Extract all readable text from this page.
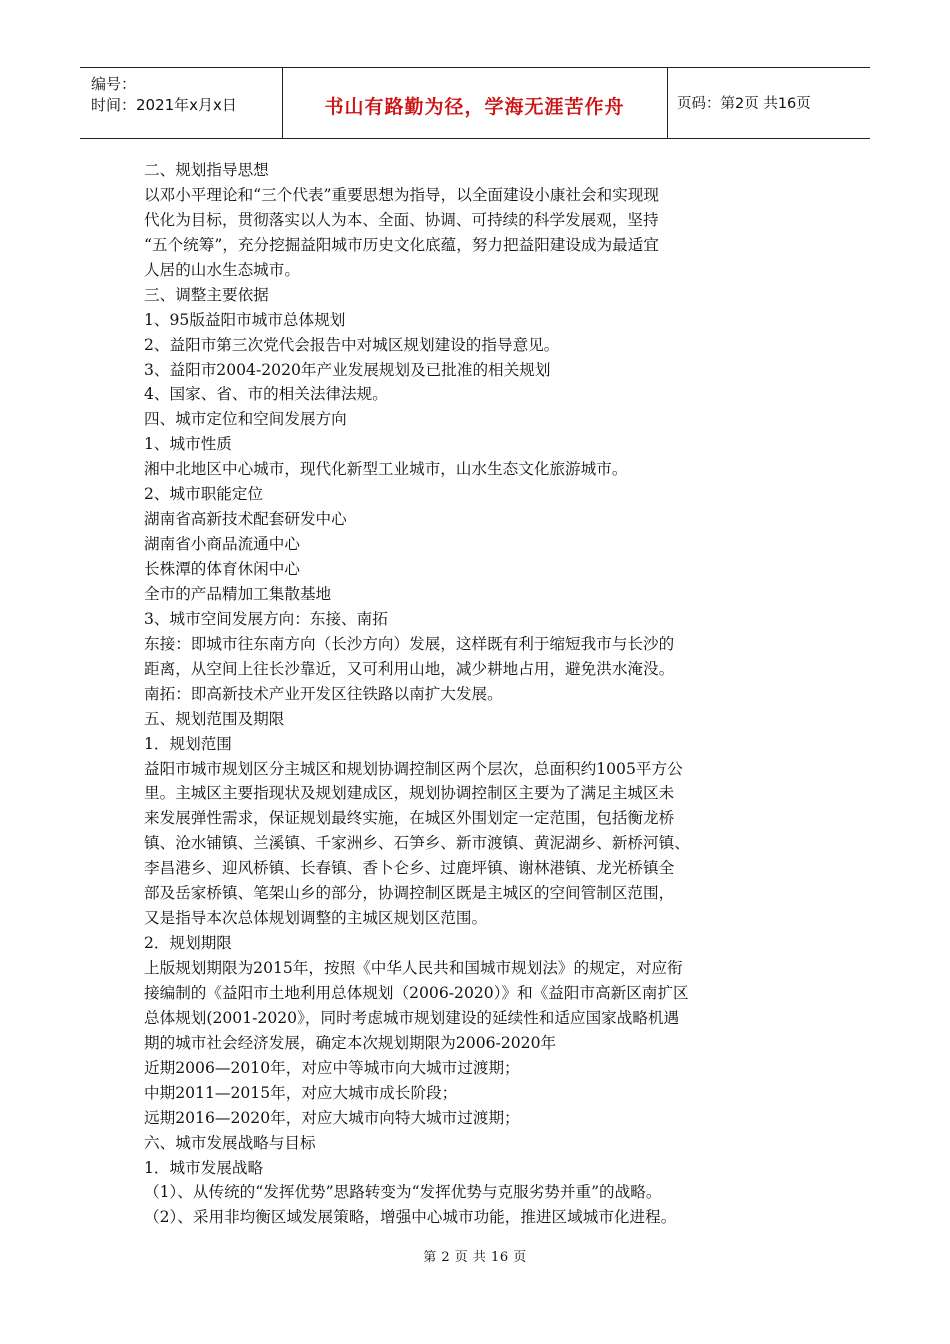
编号：
时间：2021年x月x日	书山有路勤为径，学海无涯苦作舟	页码：第2页 共16页
二、规划指导思想
以邓小平理论和“三个代表”重要思想为指导，以全面建设小康社会和实现现
代化为目标，贯彻落实以人为本、全面、协调、可持续的科学发展观，坚持
“五个统筹”，充分挖掘益阳城市历史文化底蕴，努力把益阳建设成为最适宜
人居的山水生态城市。
三、调整主要依据
1、95版益阳市城市总体规划
2、益阳市第三次党代会报告中对城区规划建设的指导意见。
3、益阳市2004-2020年产业发展规划及已批准的相关规划
4、国家、省、市的相关法律法规。
四、城市定位和空间发展方向
1、城市性质
湘中北地区中心城市，现代化新型工业城市，山水生态文化旅游城市。
2、城市职能定位
湖南省高新技术配套研发中心
湖南省小商品流通中心
长株潭的体育休闲中心
全市的产品精加工集散基地
3、城市空间发展方向：东接、南拓
东接：即城市往东南方向（长沙方向）发展，这样既有利于缩短我市与长沙的
距离，从空间上往长沙靠近，又可利用山地，减少耕地占用，避免洪水淹没。
南拓：即高新技术产业开发区往铁路以南扩大发展。
五、规划范围及期限
1．规划范围
益阳市城市规划区分主城区和规划协调控制区两个层次，总面积约1005平方公
里。主城区主要指现状及规划建成区，规划协调控制区主要为了满足主城区未
来发展弹性需求，保证规划最终实施，在城区外围划定一定范围，包括衡龙桥
镇、沧水铺镇、兰溪镇、千家洲乡、石笋乡、新市渡镇、黄泥湖乡、新桥河镇、
李昌港乡、迎风桥镇、长春镇、香卜仑乡、过鹿坪镇、谢林港镇、龙光桥镇全
部及岳家桥镇、笔架山乡的部分，协调控制区既是主城区的空间管制区范围，
又是指导本次总体规划调整的主城区规划区范围。
2．规划期限
上版规划期限为2015年，按照《中华人民共和国城市规划法》的规定，对应衔
接编制的《益阳市土地利用总体规划（2006-2020）》和《益阳市高新区南扩区
总体规划(2001-2020》，同时考虑城市规划建设的延续性和适应国家战略机遇
期的城市社会经济发展，确定本次规划期限为2006-2020年
近期2006—2010年，对应中等城市向大城市过渡期；
中期2011—2015年，对应大城市成长阶段；
远期2016—2020年，对应大城市向特大城市过渡期；
六、城市发展战略与目标
1．城市发展战略
（1）、从传统的“发挥优势”思路转变为“发挥优势与克服劣势并重”的战略。
（2）、采用非均衡区域发展策略，增强中心城市功能，推进区域城市化进程。
第 2 页 共 16 页
